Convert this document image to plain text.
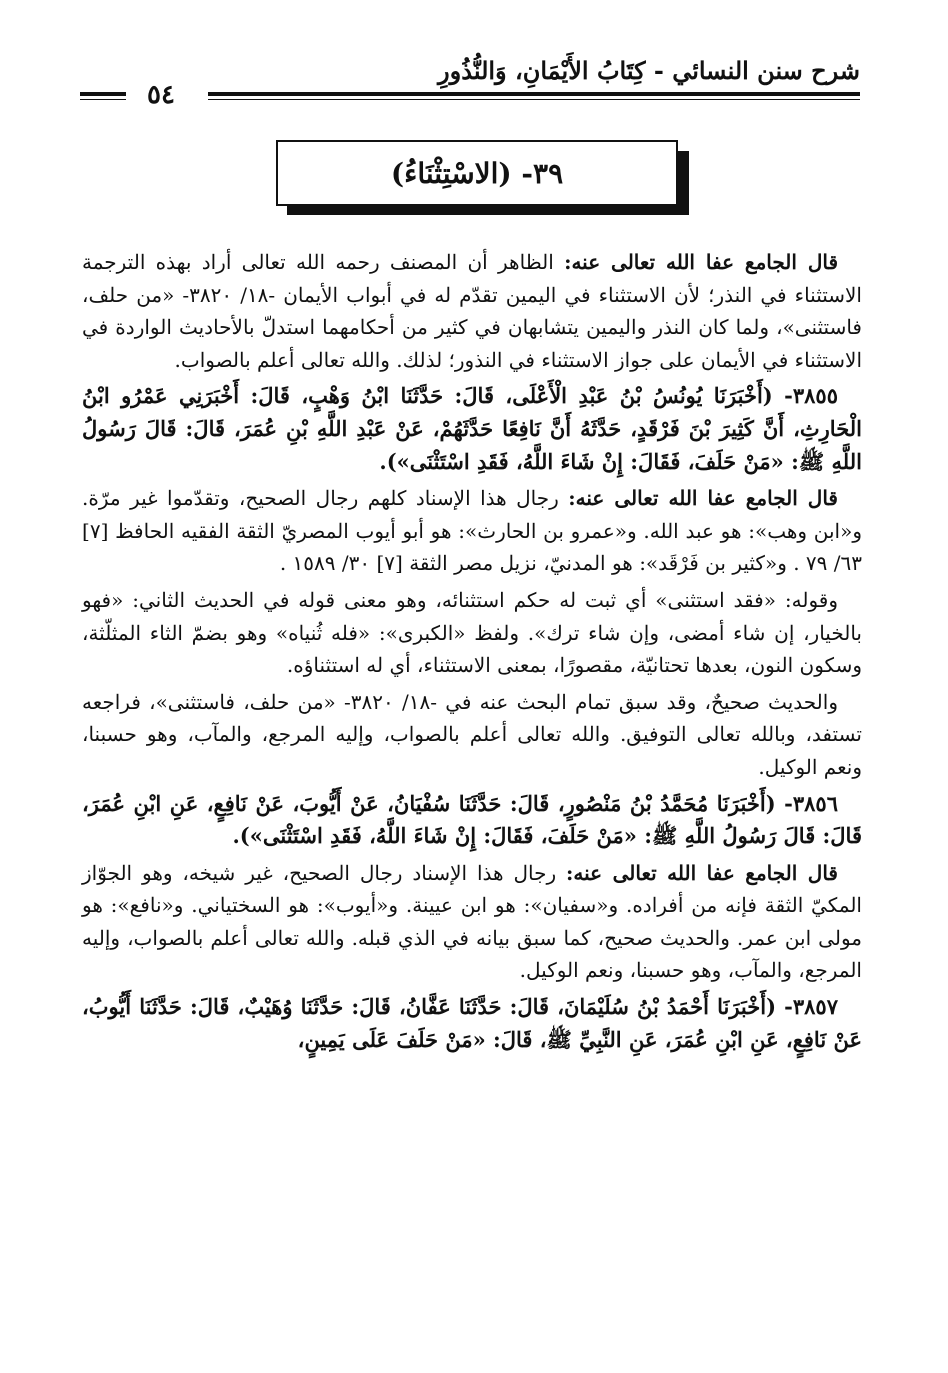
شرح سنن النسائي - كِتَابُ الأَيْمَانِ، وَالنُّذُورِ
٥٤
٣٩- (الاسْتِثْنَاءُ)

قال الجامع عفا الله تعالى عنه: الظاهر أن المصنف رحمه الله تعالى أراد بهذه الترجمة الاستثناء في النذر؛ لأن الاستثناء في اليمين تقدّم له في أبواب الأيمان -١٨/ ٣٨٢٠- «من حلف، فاستثنى»، ولما كان النذر واليمين يتشابهان في كثير من أحكامهما استدلّ بالأحاديث الواردة في الاستثناء في الأيمان على جواز الاستثناء في النذور؛ لذلك. والله تعالى أعلم بالصواب.

٣٨٥٥- (أَخْبَرَنَا يُونُسُ بْنُ عَبْدِ الْأَعْلَى، قَالَ: حَدَّثَنَا ابْنُ وَهْبٍ، قَالَ: أَخْبَرَنِي عَمْرُو ابْنُ الْحَارِثِ، أَنَّ كَثِيرَ بْنَ فَرْقَدٍ، حَدَّثَهُ أَنَّ نَافِعًا حَدَّثَهُمْ، عَنْ عَبْدِ اللَّهِ بْنِ عُمَرَ، قَالَ: قَالَ رَسُولُ اللَّهِ ﷺ: «مَنْ حَلَفَ، فَقَالَ: إِنْ شَاءَ اللَّهُ، فَقَدِ اسْتَثْنَى»).

قال الجامع عفا الله تعالى عنه: رجال هذا الإسناد كلهم رجال الصحيح، وتقدّموا غير مرّة. و«ابن وهب»: هو عبد الله. و«عمرو بن الحارث»: هو أبو أيوب المصريّ الثقة الفقيه الحافظ [٧] ٦٣/ ٧٩ . و«كثير بن فَرْقَد»: هو المدنيّ، نزيل مصر الثقة [٧] ٣٠/ ١٥٨٩ .

وقوله: «فقد استثنى» أي ثبت له حكم استثنائه، وهو معنى قوله في الحديث الثاني: «فهو بالخيار، إن شاء أمضى، وإن شاء ترك». ولفظ «الكبرى»: «فله ثُنياه» وهو بضمّ الثاء المثلّثة، وسكون النون، بعدها تحتانيّة، مقصورًا، بمعنى الاستثناء، أي له استثناؤه.

والحديث صحيحٌ، وقد سبق تمام البحث عنه في -١٨/ ٣٨٢٠- «من حلف، فاستثنى»، فراجعه تستفد، وبالله تعالى التوفيق. والله تعالى أعلم بالصواب، وإليه المرجع، والمآب، وهو حسبنا، ونعم الوكيل.

٣٨٥٦- (أَخْبَرَنَا مُحَمَّدُ بْنُ مَنْصُورٍ، قَالَ: حَدَّثَنَا سُفْيَانُ، عَنْ أَيُّوبَ، عَنْ نَافِعٍ، عَنِ ابْنِ عُمَرَ، قَالَ: قَالَ رَسُولُ اللَّهِ ﷺ: «مَنْ حَلَفَ، فَقَالَ: إِنْ شَاءَ اللَّهُ، فَقَدِ اسْتَثْنَى»).

قال الجامع عفا الله تعالى عنه: رجال هذا الإسناد رجال الصحيح، غير شيخه، وهو الجوّاز المكيّ الثقة فإنه من أفراده. و«سفيان»: هو ابن عيينة. و«أيوب»: هو السختياني. و«نافع»: هو مولى ابن عمر. والحديث صحيح، كما سبق بيانه في الذي قبله. والله تعالى أعلم بالصواب، وإليه المرجع، والمآب، وهو حسبنا، ونعم الوكيل.

٣٨٥٧- (أَخْبَرَنَا أَحْمَدُ بْنُ سُلَيْمَانَ، قَالَ: حَدَّثَنَا عَفَّانُ، قَالَ: حَدَّثَنَا وُهَيْبٌ، قَالَ: حَدَّثَنَا أَيُّوبُ، عَنْ نَافِعٍ، عَنِ ابْنِ عُمَرَ، عَنِ النَّبِيِّ ﷺ، قَالَ: «مَنْ حَلَفَ عَلَى يَمِينٍ،
